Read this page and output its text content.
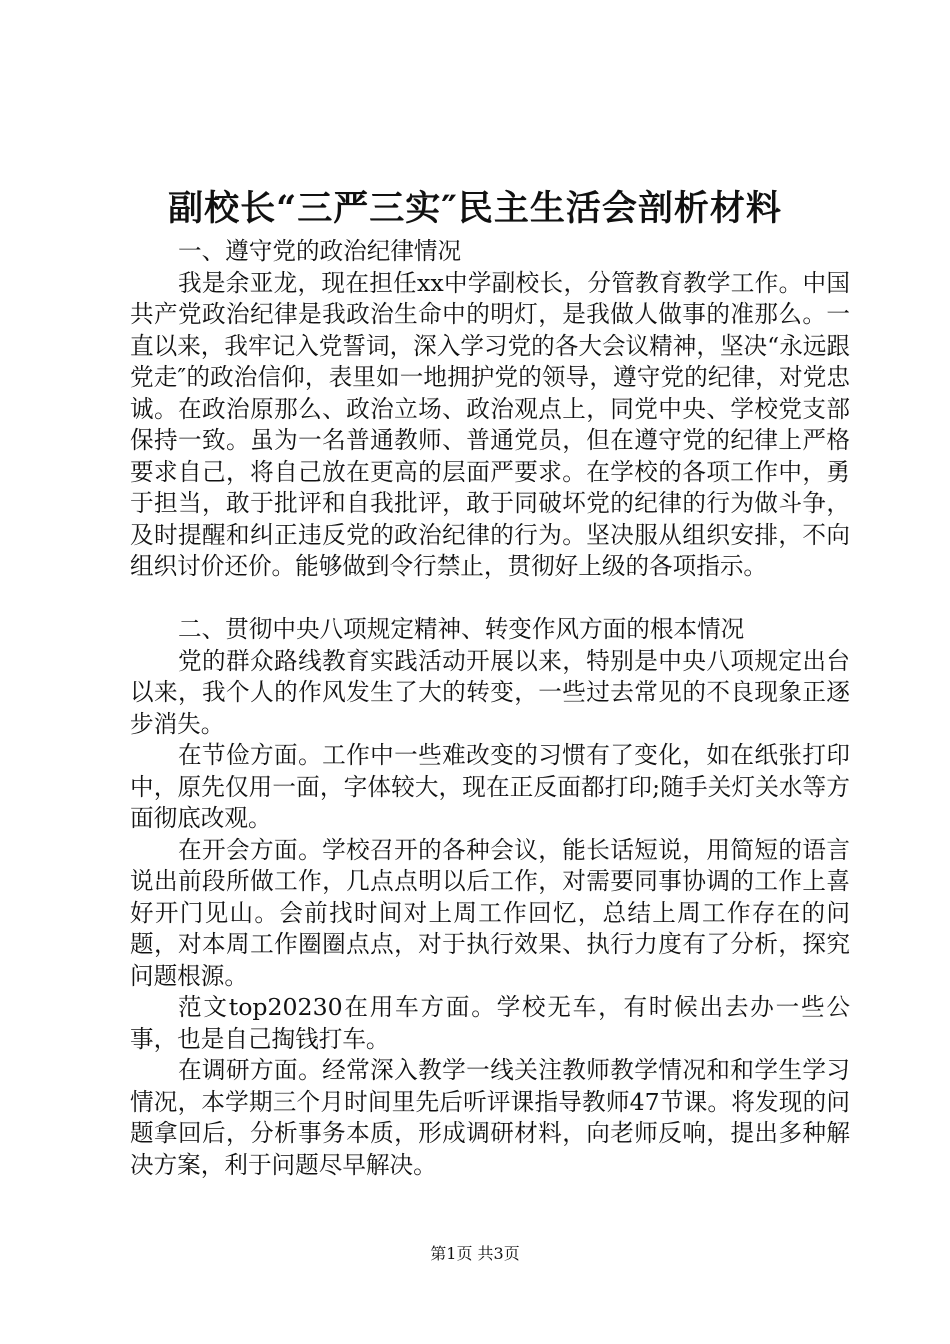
副校长“三严三实″民主生活会剖析材料

一、遵守党的政治纪律情况

我是余亚龙，现在担任xx中学副校长，分管教育教学工作。中国共产党政治纪律是我政治生命中的明灯，是我做人做事的准那么。一直以来，我牢记入党誓词，深入学习党的各大会议精神，坚决“永远跟党走″的政治信仰，表里如一地拥护党的领导，遵守党的纪律，对党忠诚。在政治原那么、政治立场、政治观点上，同党中央、学校党支部保持一致。虽为一名普通教师、普通党员，但在遵守党的纪律上严格要求自己，将自己放在更高的层面严要求。在学校的各项工作中，勇于担当，敢于批评和自我批评，敢于同破坏党的纪律的行为做斗争，及时提醒和纠正违反党的政治纪律的行为。坚决服从组织安排，不向组织讨价还价。能够做到令行禁止，贯彻好上级的各项指示。

二、贯彻中央八项规定精神、转变作风方面的根本情况

党的群众路线教育实践活动开展以来，特别是中央八项规定出台以来，我个人的作风发生了大的转变，一些过去常见的不良现象正逐步消失。

在节俭方面。工作中一些难改变的习惯有了变化，如在纸张打印中，原先仅用一面，字体较大，现在正反面都打印;随手关灯关水等方面彻底改观。

在开会方面。学校召开的各种会议，能长话短说，用简短的语言说出前段所做工作，几点点明以后工作，对需要同事协调的工作上喜好开门见山。会前找时间对上周工作回忆，总结上周工作存在的问题，对本周工作圈圈点点，对于执行效果、执行力度有了分析，探究问题根源。

范文top20230在用车方面。学校无车，有时候出去办一些公事，也是自己掏钱打车。

在调研方面。经常深入教学一线关注教师教学情况和和学生学习情况，本学期三个月时间里先后听评课指导教师47节课。将发现的问题拿回后，分析事务本质，形成调研材料，向老师反响，提出多种解决方案，利于问题尽早解决。

第1页 共3页
